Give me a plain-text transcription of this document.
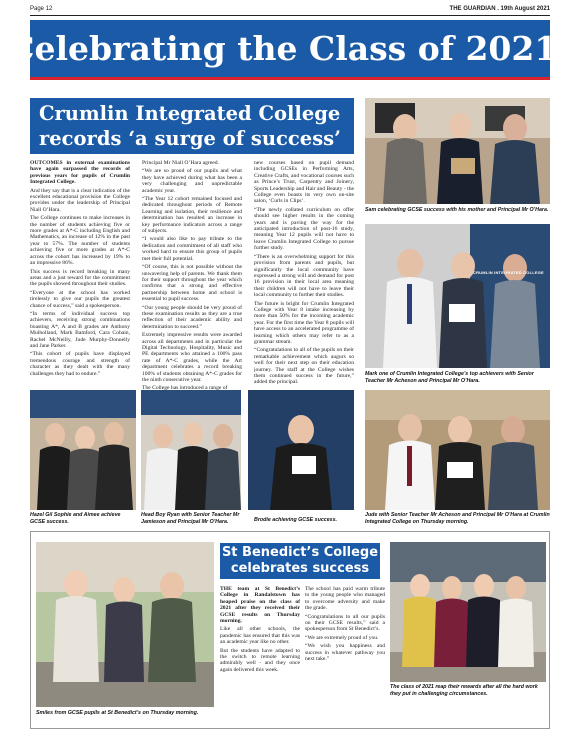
Page 12	THE GUARDIAN . 19th August 2021
Celebrating the Class of 2021!
Crumlin Integrated College
records ‘a surge of success’

OUTCOMES in external examinations have again surpassed the records of previous years for pupils of Crumlin Integrated College.

And they say that is a clear indication of the excellent educational provision the College provides under the leadership of Principal Niall O’Hara.

The College continues to make increases in the number of students achieving five or more grades at A*-C including English and Mathematics, an increase of 12% in the past year to 57%. The number of students achieving five or more grades at A*-C across the cohort has increased by 19% to an impressive 86%.

This success is record breaking in many areas and a just reward for the commitment the pupils showed throughout their studies.

“Everyone at the school has worked tirelessly to give our pupils the greatest chance of success,” said a spokesperson.

“In terms of individual success top achievers, receiving strong combinations boasting A*, A and B grades are Anthony Mulholland, Mark Bamford, Cara Cobain, Rachel McNeilly, Jude Murphy-Donnelly and Jane Parker.

“This cohort of pupils have displayed tremendous courage and strength of character as they dealt with the many challenges they had to endure.”

Principal Mr Niall O’Hara agreed.

“We are so proud of our pupils and what they have achieved during what has been a very challenging and unpredictable academic year.

“The Year 12 cohort remained focused and dedicated throughout periods of Remote Learning and isolation, their resilience and determination has resulted an increase in key performance indicators across a range of subjects.

“I would also like to pay tribute to the dedication and commitment of all staff who worked hard to ensure this group of pupils met their full potential.

“Of course, this is not possible without the unwavering help of parents. We thank them for their support throughout the year which confirms that a strong and effective partnership between home and school is essential to pupil success.

“Our young people should be very proud of these examination results as they are a true reflection of their academic ability and determination to succeed.”

Extremely impressive results were awarded across all departments and in particular the Digital Technology, Hospitality, Music and PE departments who attained a 100% pass rate of A*-C grades, while the Art department celebrates a record breaking 100% of students obtaining A*-C grades for the ninth consecutive year.

The College has introduced a range of

new courses based on pupil demand including GCSEs in Performing Arts, Creative Crafts, and vocational courses such as Prince’s Trust, Carpentry and Joinery, Sports Leadership and Hair and Beauty - the College even boasts its very own on-site salon, ‘Curls in Clips’.

“The newly collated curriculum on offer should see higher results in the coming years and is paving the way for the anticipated introduction of post-16 study, meaning Year 12 pupils will not have to leave Crumlin Integrated College to pursue further study.

“There is an overwhelming support for this provision from parents and pupils, but significantly the local community have expressed a strong will and demand for post 16 provision in their local area meaning their children will not have to leave their local community to further their studies.

The future is bright for Crumlin Integrated College with Year 8 intake increasing by more than 50% for the incoming academic year. For the first time the Year 8 pupils will have access to an accelerated programme of learning which others may refer to as a grammar stream.

“Congratulations to all of the pupils on their remarkable achievement which augurs so well for their next step on their education journey. The staff at the College wishes them continued success in the future,” added the principal.

Sam celebrating GCSE success with his mother and Principal Mr O’Hara.
CRUMLIN INTEGRATED COLLEGE
Mark one of Crumlin Integrated College’s top achievers with Senior Teacher Mr Acheson and Principal Mr O’Hara.
Hazel Gil Sophie and Aimee achieve GCSE success.
Head Boy Ryan with Senior Teacher Mr Jamieson and Principal Mr O’Hara.	Brodie achieving GCSE success.
Jude with Senior Teacher Mr Acheson and Principal Mr O’Hara at Crumlin Integrated College on Thursday morning.
Smiles from GCSE pupils at St Benedict’s on Thursday morning.
St Benedict’s College
celebrates success

THE team at St Benedict’s College in Randalstown has heaped praise on the class of 2021 after they received their GCSE results on Thursday morning.

Like all other schools, the pandemic has ensured that this was an academic year like no other.

But the students have adapted to the switch to remote learning admirably well - and they once again delivered this week.

The school has paid warm tribute to the young people who managed to overcome adversity and make the grade.

“Congratulations to all our pupils on their GCSE results,” said a spokesperson from St Benedict’s.

“We are extremely proud of you.

“We wish you happiness and success in whatever pathway you next take.”

The class of 2021 reap their rewards after all the hard work they put in challenging circumstances.
